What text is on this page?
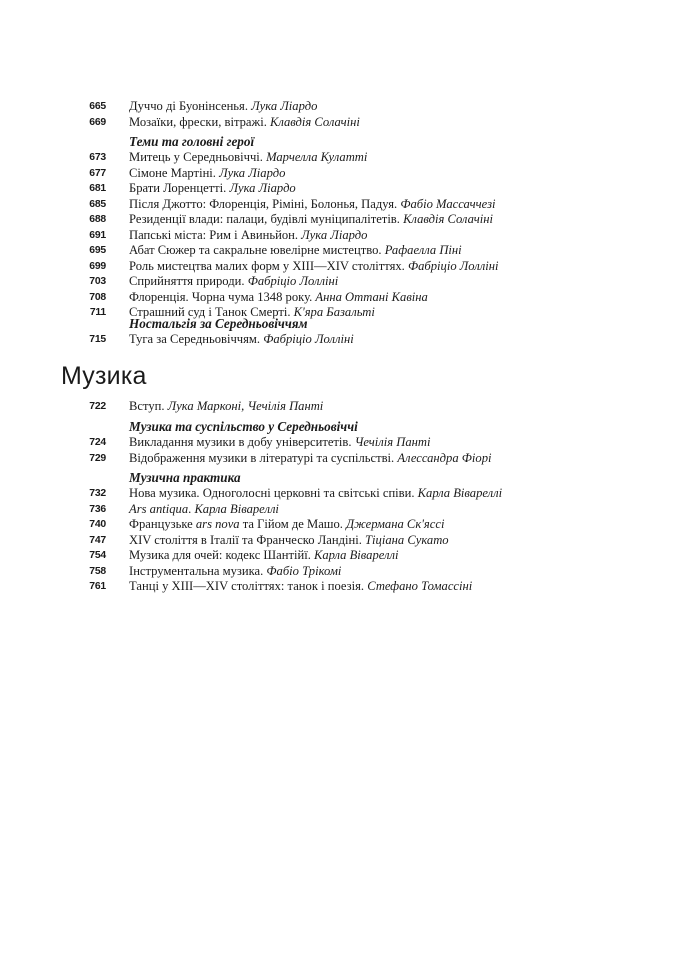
665 Дуччо ді Буонінсенья. Лука Ліардо
669 Мозаїки, фрески, вітражі. Клавдія Солачіні
Теми та головні герої
673 Митець у Середньовіччі. Марчелла Кулатті
677 Сімоне Мартіні. Лука Ліардо
681 Брати Лоренцетті. Лука Ліардо
685 Після Джотто: Флоренція, Ріміні, Болонья, Падуя. Фабіо Массаччезі
688 Резиденції влади: палаци, будівлі муніципалітетів. Клавдія Солачіні
691 Папські міста: Рим і Авиньйон. Лука Ліардо
695 Абат Сюжер та сакральне ювелірне мистецтво. Рафаелла Піні
699 Роль мистецтва малих форм у XIII—XIV століттях. Фабріціо Лолліні
703 Сприйняття природи. Фабріціо Лолліні
708 Флоренція. Чорна чума 1348 року. Анна Оттані Кавіна
711 Страшний суд і Танок Смерті. К'яра Базальті
Ностальгія за Середньовіччям
715 Туга за Середньовіччям. Фабріціо Лолліні
Музика
722 Вступ. Лука Марконі, Чечілія Панті
Музика та суспільство у Середньовіччі
724 Викладання музики в добу університетів. Чечілія Панті
729 Відображення музики в літературі та суспільстві. Алессандра Фіорі
Музична практика
732 Нова музика. Одноголосні церковні та світські співи. Карла Вівареллі
736 Ars antiqua. Карла Вівареллі
740 Французьке ars nova та Гійом де Машо. Джермана Ск'яссі
747 XIV століття в Італії та Франческо Ландіні. Тіціана Сукато
754 Музика для очей: кодекс Шантійї. Карла Вівареллі
758 Інструментальна музика. Фабіо Трікомі
761 Танці у XIII—XIV століттях: танок і поезія. Стефано Томассіні
